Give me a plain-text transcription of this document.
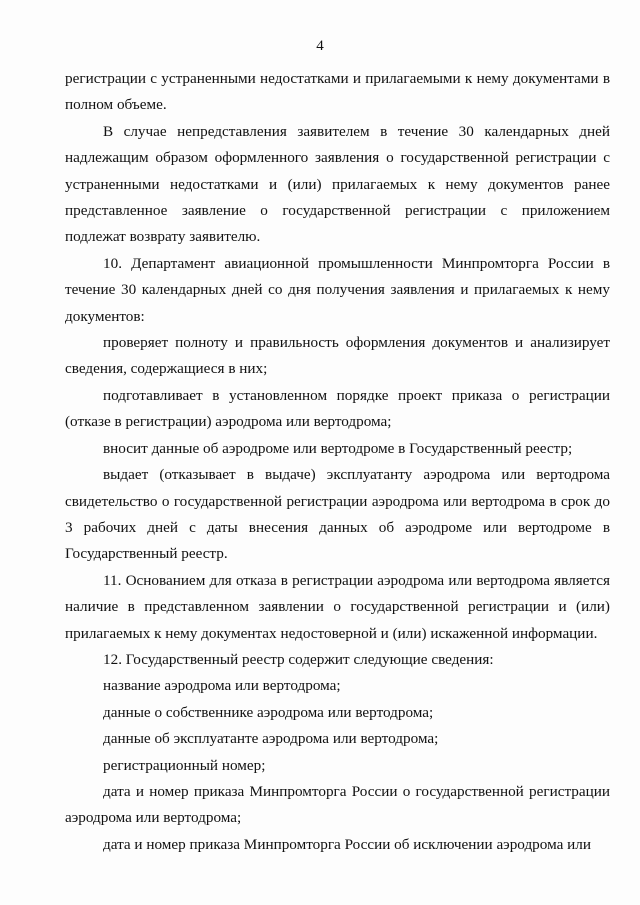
4

регистрации с устраненными недостатками и прилагаемыми к нему документами в полном объеме.

В случае непредставления заявителем в течение 30 календарных дней надлежащим образом оформленного заявления о государственной регистрации с устраненными недостатками и (или) прилагаемых к нему документов ранее представленное заявление о государственной регистрации с приложением подлежат возврату заявителю.

10. Департамент авиационной промышленности Минпромторга России в течение 30 календарных дней со дня получения заявления и прилагаемых к нему документов:

проверяет полноту и правильность оформления документов и анализирует сведения, содержащиеся в них;

подготавливает в установленном порядке проект приказа о регистрации (отказе в регистрации) аэродрома или вертодрома;

вносит данные об аэродроме или вертодроме в Государственный реестр;

выдает (отказывает в выдаче) эксплуатанту аэродрома или вертодрома свидетельство о государственной регистрации аэродрома или вертодрома в срок до 3 рабочих дней с даты внесения данных об аэродроме или вертодроме в Государственный реестр.

11. Основанием для отказа в регистрации аэродрома или вертодрома является наличие в представленном заявлении о государственной регистрации и (или) прилагаемых к нему документах недостоверной и (или) искаженной информации.

12. Государственный реестр содержит следующие сведения:

название аэродрома или вертодрома;

данные о собственнике аэродрома или вертодрома;

данные об эксплуатанте аэродрома или вертодрома;

регистрационный номер;

дата и номер приказа Минпромторга России о государственной регистрации аэродрома или вертодрома;

дата и номер приказа Минпромторга России об исключении аэродрома или
